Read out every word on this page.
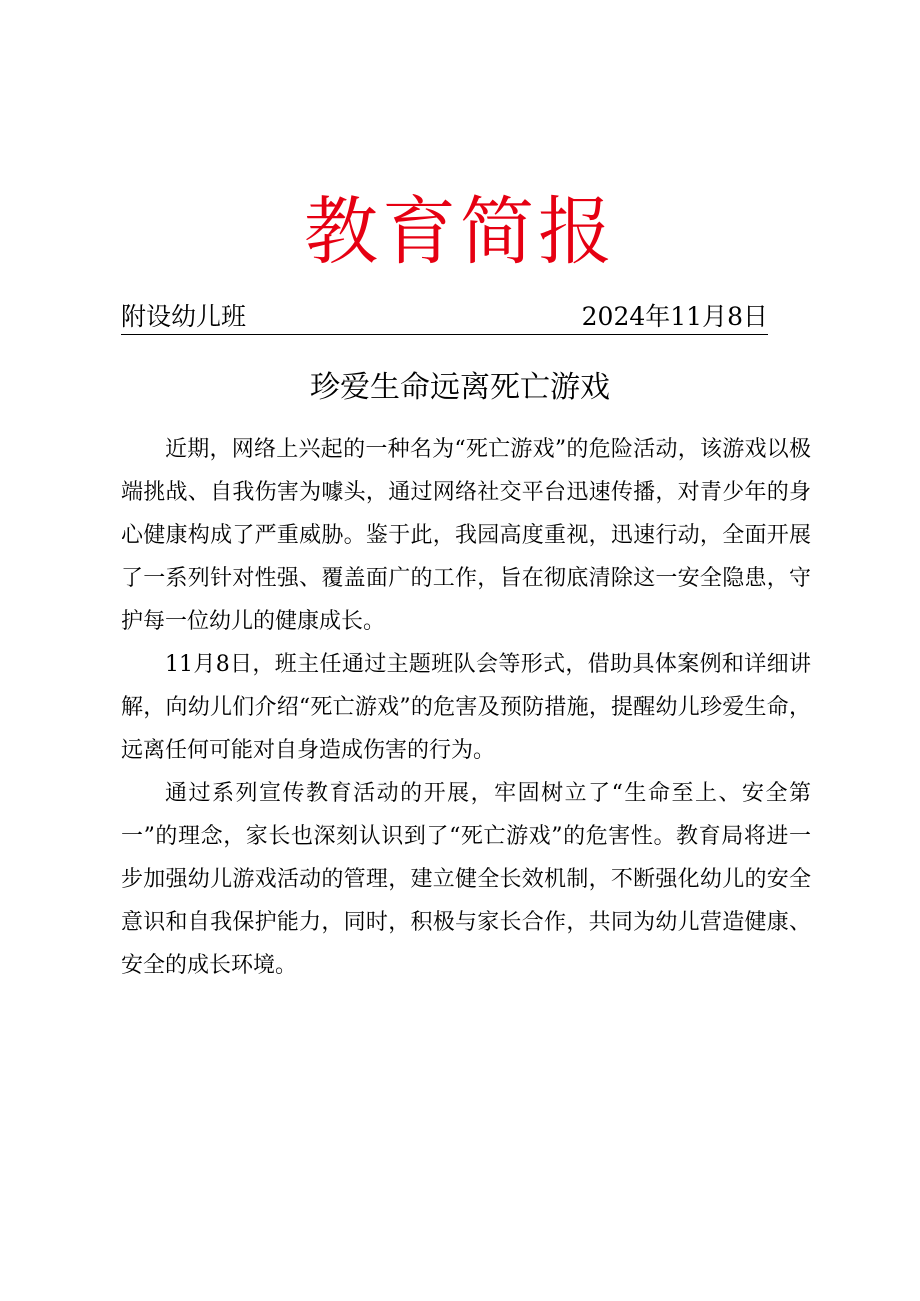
教育简报
附设幼儿班	2024年11月8日
珍爱生命远离死亡游戏

近期，网络上兴起的一种名为“死亡游戏”的危险活动，该游戏以极端挑战、自我伤害为噱头，通过网络社交平台迅速传播，对青少年的身心健康构成了严重威胁。鉴于此，我园高度重视，迅速行动，全面开展了一系列针对性强、覆盖面广的工作，旨在彻底清除这一安全隐患，守护每一位幼儿的健康成长。

11月8日，班主任通过主题班队会等形式，借助具体案例和详细讲解，向幼儿们介绍“死亡游戏”的危害及预防措施，提醒幼儿珍爱生命，远离任何可能对自身造成伤害的行为。

通过系列宣传教育活动的开展，牢固树立了“生命至上、安全第一”的理念，家长也深刻认识到了“死亡游戏”的危害性。教育局将进一步加强幼儿游戏活动的管理，建立健全长效机制，不断强化幼儿的安全意识和自我保护能力，同时，积极与家长合作，共同为幼儿营造健康、安全的成长环境。
